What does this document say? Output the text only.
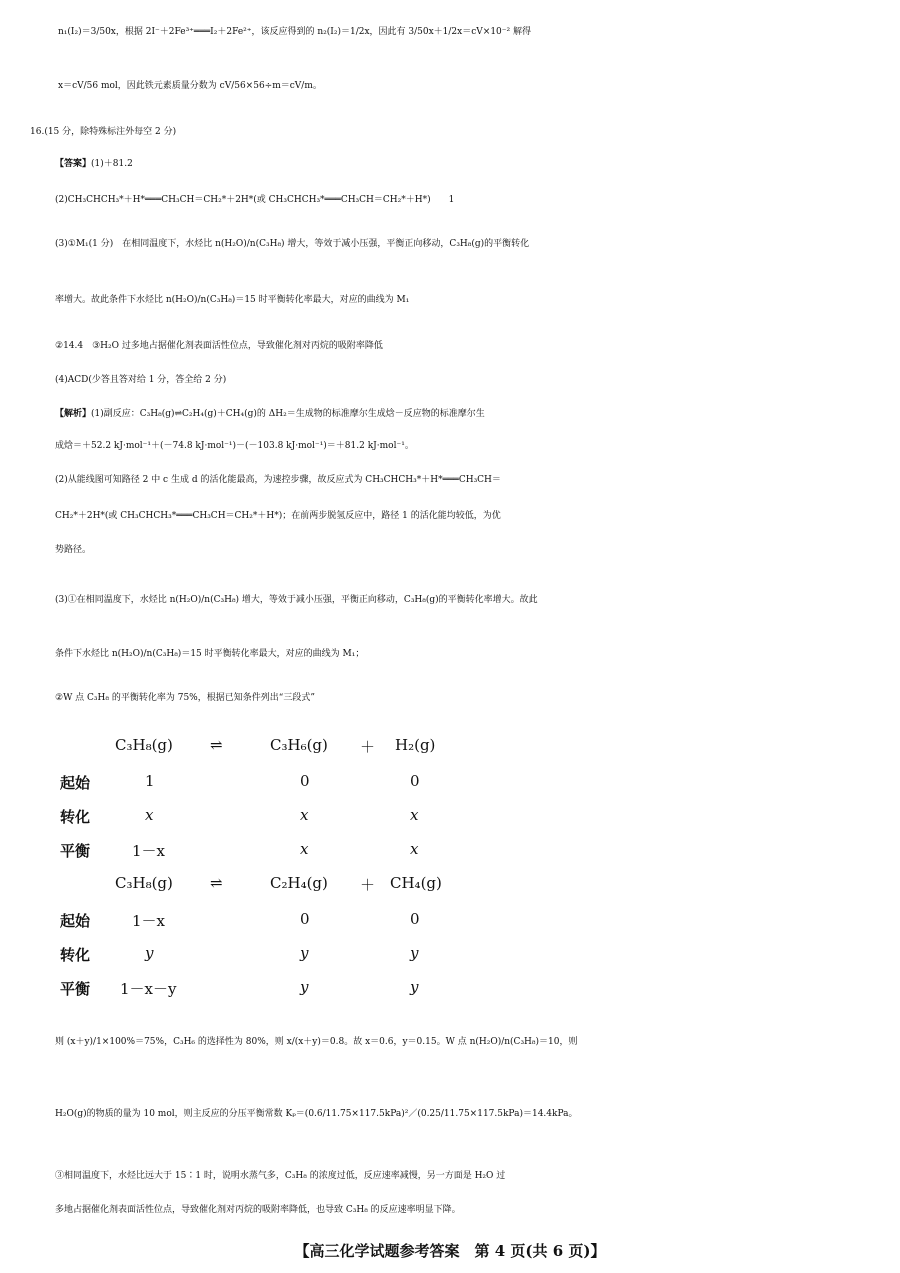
n₁(I₂)＝3/50x，根据 2I⁻＋2Fe³⁺═══I₂＋2Fe²⁺，该反应得到的 n₂(I₂)＝1/2x，因此有 3/50x＋1/2x＝cV×10⁻² 解得
x＝cV/56 mol，因此铁元素质量分数为 cV/56×56÷m＝cV/m。
16.(15 分，除特殊标注外每空 2 分)
【答案】(1)＋81.2
(2)CH₃CHCH₃*＋H*═══CH₃CH＝CH₂*＋2H*(或 CH₃CHCH₃*═══CH₃CH＝CH₂*＋H*)　　1
(3)①M₁(1 分)　在相同温度下，水烃比 n(H₂O)/n(C₃H₈) 增大，等效于减小压强，平衡正向移动，C₃H₈(g)的平衡转化
率增大。故此条件下水烃比 n(H₂O)/n(C₃H₈)＝15 时平衡转化率最大，对应的曲线为 M₁
②14.4　③H₂O 过多地占据催化剂表面活性位点，导致催化剂对丙烷的吸附率降低
(4)ACD(少答且答对给 1 分，答全给 2 分)
【解析】(1)副反应：C₃H₈(g)⇌C₂H₄(g)＋CH₄(g)的 ΔH₂＝生成物的标准摩尔生成焓－反应物的标准摩尔生
成焓＝＋52.2 kJ·mol⁻¹＋(－74.8 kJ·mol⁻¹)－(－103.8 kJ·mol⁻¹)＝＋81.2 kJ·mol⁻¹。
(2)从能线图可知路径 2 中 c 生成 d 的活化能最高，为速控步骤，故反应式为 CH₃CHCH₃*＋H*═══CH₃CH＝
CH₂*＋2H*(或 CH₃CHCH₃*═══CH₃CH＝CH₂*＋H*)；在前两步脱氢反应中，路径 1 的活化能均较低，为优
势路径。
(3)①在相同温度下，水烃比 n(H₂O)/n(C₃H₈) 增大，等效于减小压强，平衡正向移动，C₃H₈(g)的平衡转化率增大。故此
条件下水烃比 n(H₂O)/n(C₃H₈)＝15 时平衡转化率最大，对应的曲线为 M₁；
②W 点 C₃H₈ 的平衡转化率为 75%，根据已知条件列出“三段式”
C₃H₈(g) ⇌	C₃H₆(g) ＋ H₂(g)
起始	1	0	0
转化	x	x	x
平衡	1－x	x	x
C₃H₈(g) ⇌	C₂H₄(g) ＋ CH₄(g)
起始	1－x	0	0
转化	y	y	y
平衡 1－x－y	y	y
则 (x＋y)/1×100%＝75%，C₃H₆ 的选择性为 80%，则 x/(x＋y)＝0.8。故 x＝0.6，y＝0.15。W 点 n(H₂O)/n(C₃H₈)＝10，则
H₂O(g)的物质的量为 10 mol，则主反应的分压平衡常数 Kₚ＝(0.6/11.75×117.5kPa)²／(0.25/11.75×117.5kPa)＝14.4kPa。
③相同温度下，水烃比远大于 15∶1 时，说明水蒸气多，C₃H₈ 的浓度过低，反应速率减慢，另一方面是 H₂O 过
多地占据催化剂表面活性位点，导致催化剂对丙烷的吸附率降低，也导致 C₃H₈ 的反应速率明显下降。
【高三化学试题参考答案　第 4 页(共 6 页)】
